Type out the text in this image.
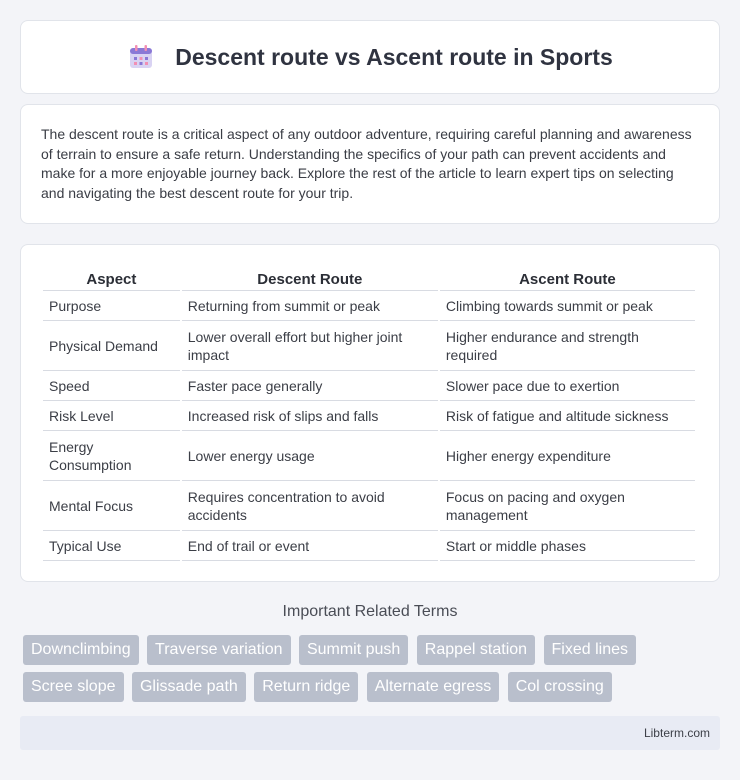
Descent route vs Ascent route in Sports

The descent route is a critical aspect of any outdoor adventure, requiring careful planning and awareness of terrain to ensure a safe return. Understanding the specifics of your path can prevent accidents and make for a more enjoyable journey back. Explore the rest of the article to learn expert tips on selecting and navigating the best descent route for your trip.

Aspect	Descent Route	Ascent Route
Purpose	Returning from summit or peak	Climbing towards summit or peak
Physical Demand	Lower overall effort but higher joint impact	Higher endurance and strength required
Speed	Faster pace generally	Slower pace due to exertion
Risk Level	Increased risk of slips and falls	Risk of fatigue and altitude sickness
Energy Consumption	Lower energy usage	Higher energy expenditure
Mental Focus	Requires concentration to avoid accidents	Focus on pacing and oxygen management
Typical Use	End of trail or event	Start or middle phases
Important Related Terms
Downclimbing Traverse variation Summit push Rappel station Fixed lines Scree slope Glissade path Return ridge Alternate egress Col crossing
Libterm.com
